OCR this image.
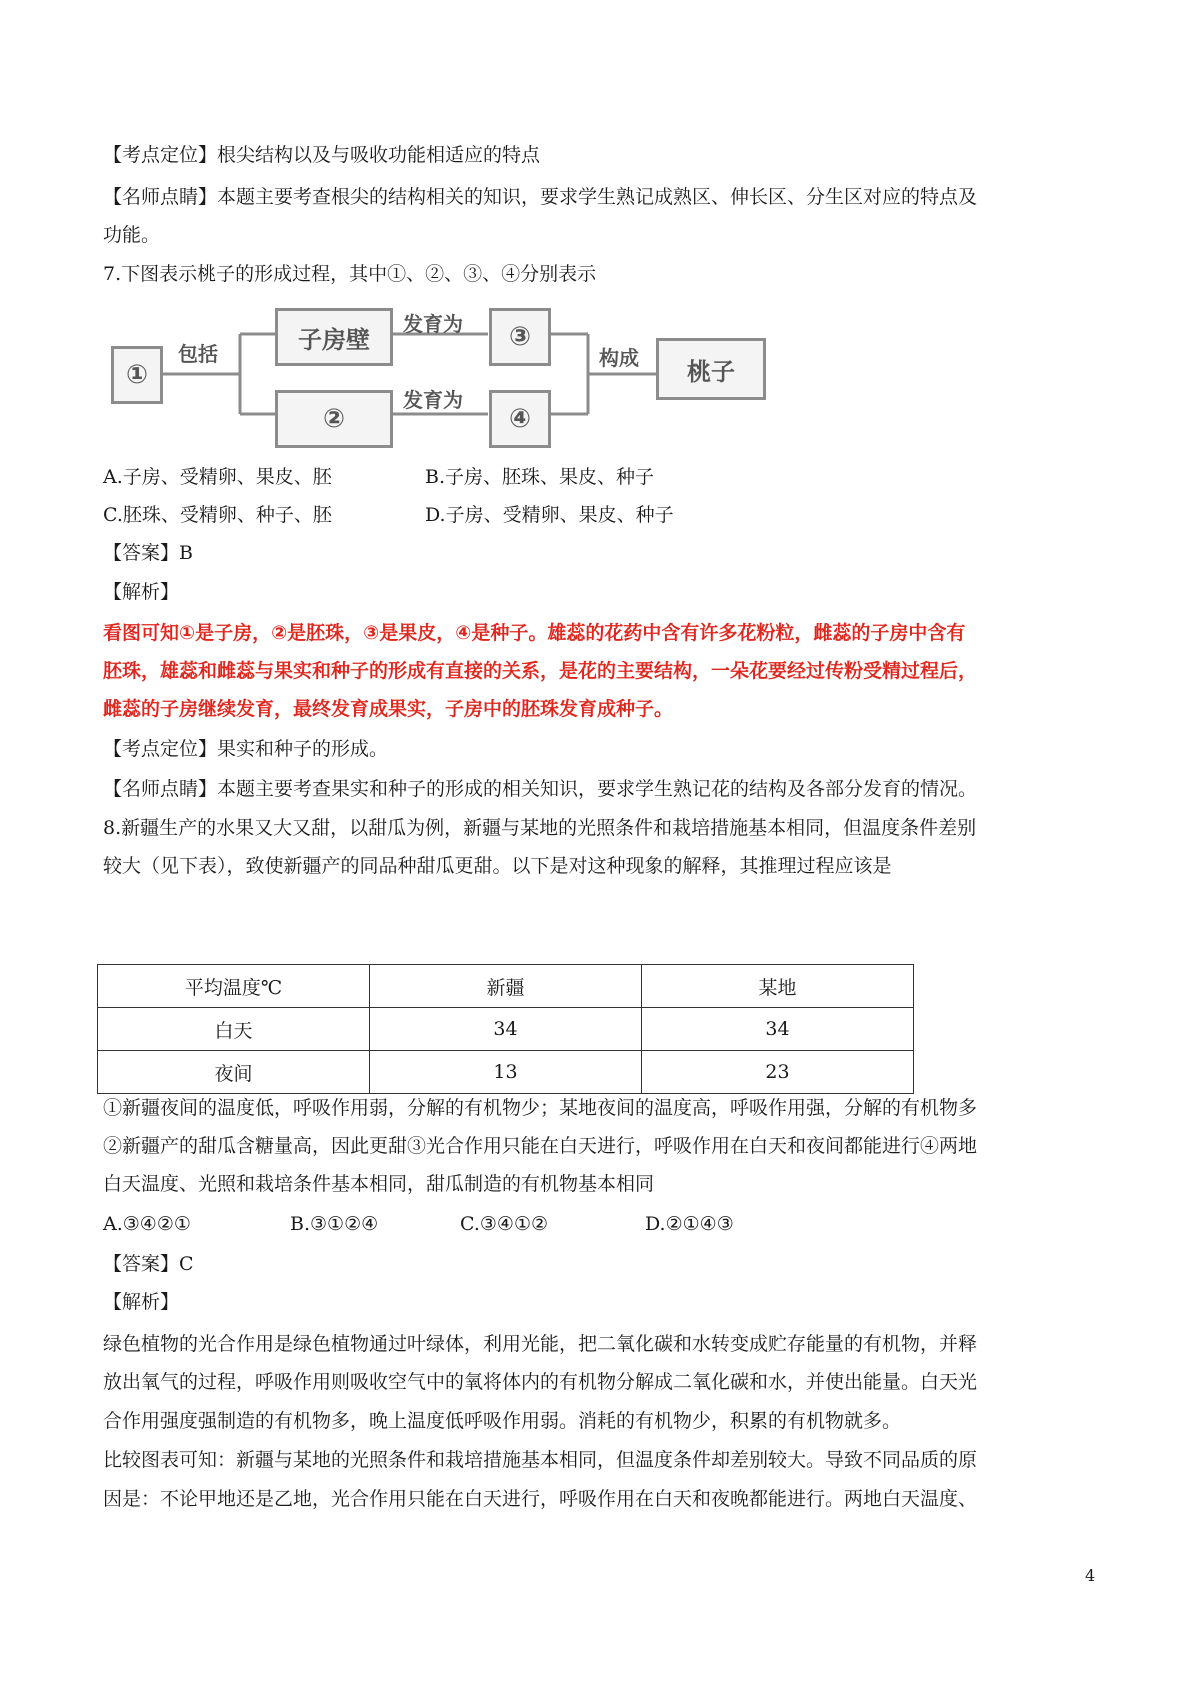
【考点定位】根尖结构以及与吸收功能相适应的特点
【名师点睛】本题主要考查根尖的结构相关的知识，要求学生熟记成熟区、伸长区、分生区对应的特点及
功能。
7.下图表示桃子的形成过程，其中①、②、③、④分别表示
①
包括
子房壁
②
发育为
发育为
③
④
构成	桃子
A.子房、受精卵、果皮、胚	B.子房、胚珠、果皮、种子
C.胚珠、受精卵、种子、胚	D.子房、受精卵、果皮、种子
【答案】B
【解析】
看图可知①是子房，②是胚珠，③是果皮，④是种子。雄蕊的花药中含有许多花粉粒，雌蕊的子房中含有
胚珠，雄蕊和雌蕊与果实和种子的形成有直接的关系，是花的主要结构，一朵花要经过传粉受精过程后，
雌蕊的子房继续发育，最终发育成果实，子房中的胚珠发育成种子。
【考点定位】果实和种子的形成。
【名师点睛】本题主要考查果实和种子的形成的相关知识，要求学生熟记花的结构及各部分发育的情况。
8.新疆生产的水果又大又甜，以甜瓜为例，新疆与某地的光照条件和栽培措施基本相同，但温度条件差别
较大（见下表），致使新疆产的同品种甜瓜更甜。以下是对这种现象的解释，其推理过程应该是
平均温度℃	新疆	某地
白天	34	34
夜间	13	23
①新疆夜间的温度低，呼吸作用弱，分解的有机物少；某地夜间的温度高，呼吸作用强，分解的有机物多
②新疆产的甜瓜含糖量高，因此更甜③光合作用只能在白天进行，呼吸作用在白天和夜间都能进行④两地
白天温度、光照和栽培条件基本相同，甜瓜制造的有机物基本相同
A.③④②①	B.③①②④	C.③④①②	D.②①④③
【答案】C
【解析】
绿色植物的光合作用是绿色植物通过叶绿体，利用光能，把二氧化碳和水转变成贮存能量的有机物，并释
放出氧气的过程，呼吸作用则吸收空气中的氧将体内的有机物分解成二氧化碳和水，并使出能量。白天光
合作用强度强制造的有机物多，晚上温度低呼吸作用弱。消耗的有机物少，积累的有机物就多。
比较图表可知：新疆与某地的光照条件和栽培措施基本相同，但温度条件却差别较大。导致不同品质的原
因是：不论甲地还是乙地，光合作用只能在白天进行，呼吸作用在白天和夜晚都能进行。两地白天温度、
4
